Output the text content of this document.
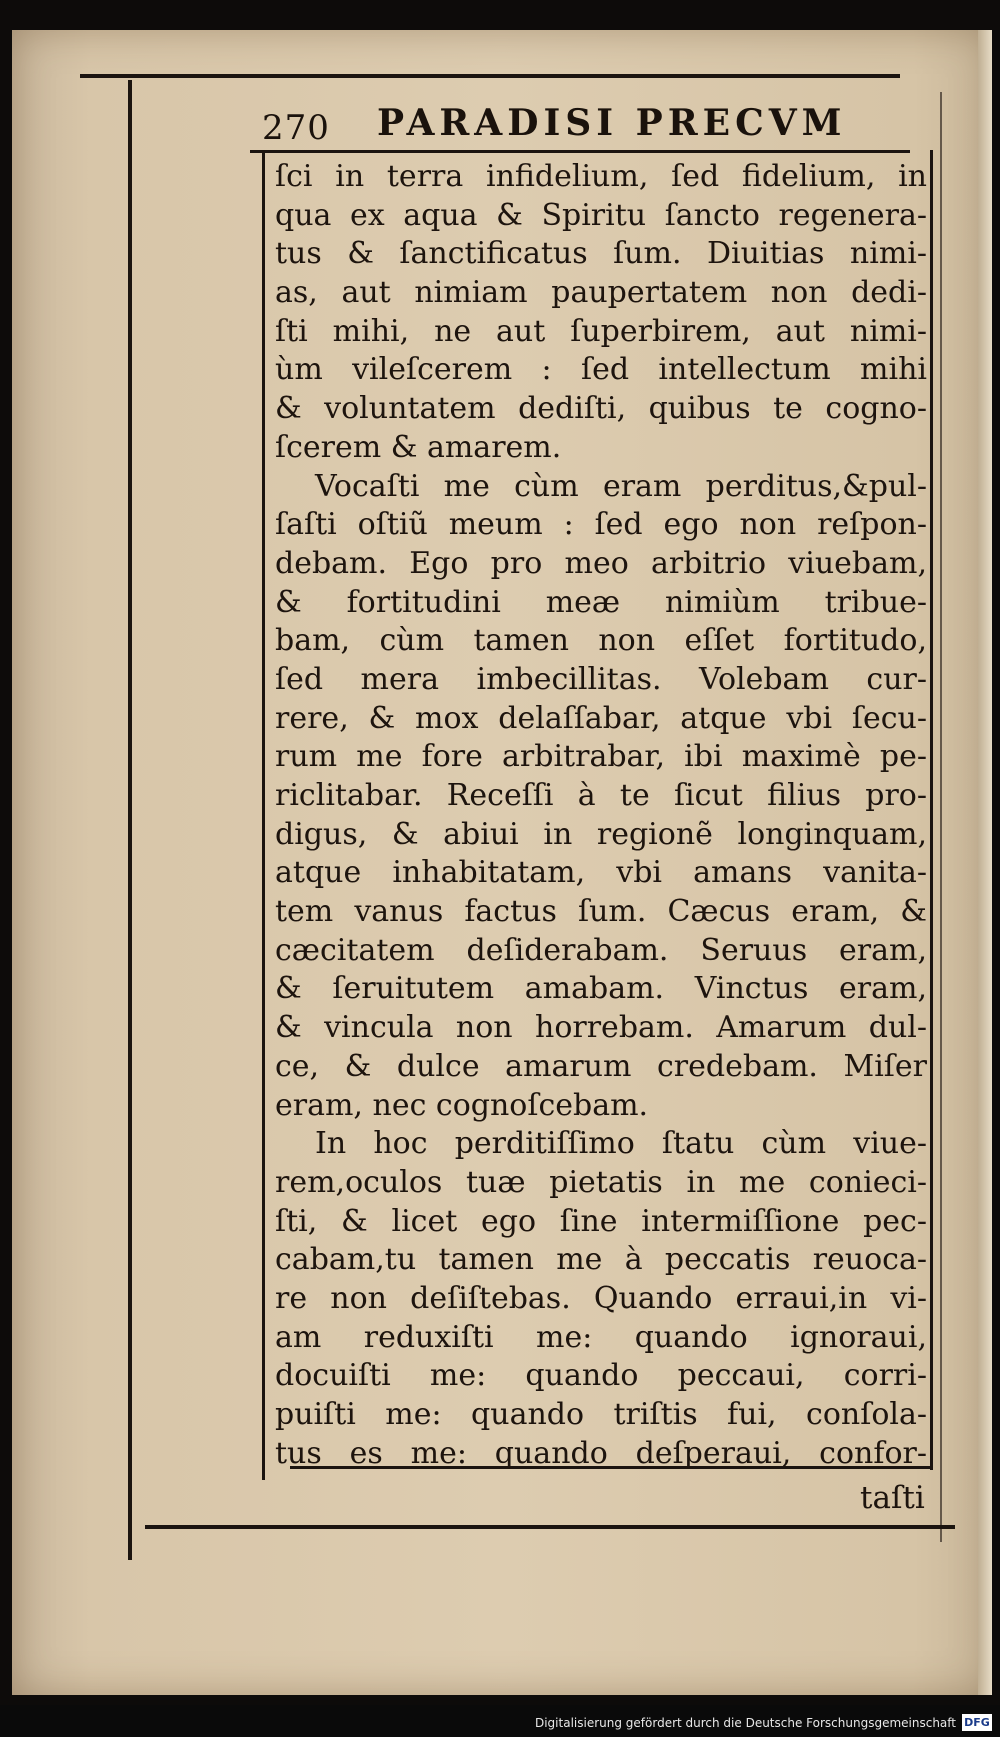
270 PARADISI PRECVM
ſci in terra infidelium, ſed fidelium, in
qua ex aqua & Spiritu ſancto regenera-
tus & ſanctificatus ſum. Diuitias nimi-
as, aut nimiam paupertatem non dedi-
ſti mihi, ne aut ſuperbirem, aut nimi-
ùm vileſcerem : ſed intellectum mihi
& voluntatem dediſti, quibus te cogno-
ſcerem & amarem.
Vocaſti me cùm eram perditus,&pul-
ſaſti oſtiũ meum : ſed ego non reſpon-
debam. Ego pro meo arbitrio viuebam,
& fortitudini meæ nimiùm tribue-
bam, cùm tamen non eſſet fortitudo,
ſed mera imbecillitas. Volebam cur-
rere, & mox delaſſabar, atque vbi ſecu-
rum me fore arbitrabar, ibi maximè pe-
riclitabar. Receſſi à te ſicut filius pro-
digus, & abiui in regionẽ longinquam,
atque inhabitatam, vbi amans vanita-
tem vanus factus ſum. Cæcus eram, &
cæcitatem deſiderabam. Seruus eram,
& ſeruitutem amabam. Vinctus eram,
& vincula non horrebam. Amarum dul-
ce, & dulce amarum credebam. Miſer
eram, nec cognoſcebam.
In hoc perditiſſimo ſtatu cùm viue-
rem,oculos tuæ pietatis in me conieci-
ſti, & licet ego ſine intermiſſione pec-
cabam,tu tamen me à peccatis reuoca-
re non deſiſtebas. Quando erraui,in vi-
am reduxiſti me: quando ignoraui,
docuiſti me: quando peccaui, corri-
puiſti me: quando triſtis fui, conſola-
tus es me: quando deſperaui, confor-
taſti
Digitalisierung gefördert durch die Deutsche Forschungsgemeinschaft DFG
